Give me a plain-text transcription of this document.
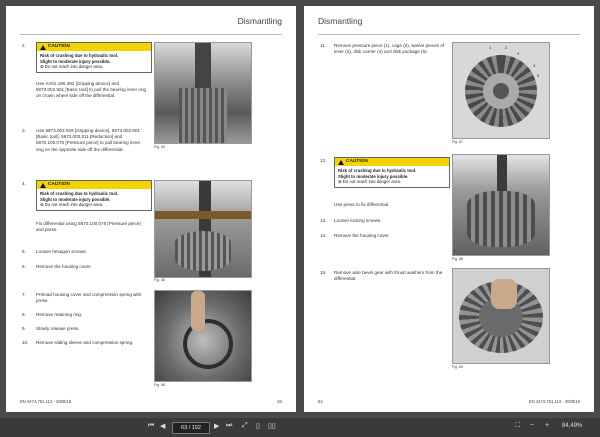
Dismantling
2.	CAUTION
Risk of crushing due to hydraulic tool.
Slight to moderate injury possible.
⊗ Do not reach into danger area.
Use AA01.195.394 [Gripping device] and 5873.002.901 [Basic tool] to pull the bearing inner ring on crown wheel side off the differential.
3. Use 5873.003.029 [Gripping device], 5873.002.901 [Basic tool], 5873.003.011 [Reduction] and 5870.100.075 [Pressure piece] to pull bearing inner ring on the opposite side off the differential.	Fig. 84
4.	CAUTION
Risk of crushing due to hydraulic tool.
Slight to moderate injury possible.
⊗ Do not reach into danger area.
Fix differential using 5870.100.075 [Pressure piece] and press.
Fig. 85
5. Loosen hexagon screws.
6. Remove the housing cover.
7. Preload housing cover and compression spring with press.
8. Remove retaining ring.
9. Slowly release press.
10. Remove sliding sleeve and compression spring.
Fig. 86
EN 4474.751.113 - 2008/19	63
Dismantling
11. Remove pressure piece (1), cage (2), twelve pieces of lever (3), disk carrier (4) and disk package (5).
1	2
3
4
5
Fig. 87
12.	CAUTION
Risk of crushing due to hydraulic tool.
Slight to moderate injury possible.
⊗ Do not reach into danger area.
Use press to fix differential.
13. Loosen locking screws.
14. Remove the housing cover.
Fig. 88
15. Remove axle bevel gear with thrust washers from the differential.
Fig. 89
64	EN 4474.751.113 - 2008/19
⏮ ◀	63 / 192	▶ ⏭ ⤢ ▯ ▯▯	⛶ − + 84,49%
